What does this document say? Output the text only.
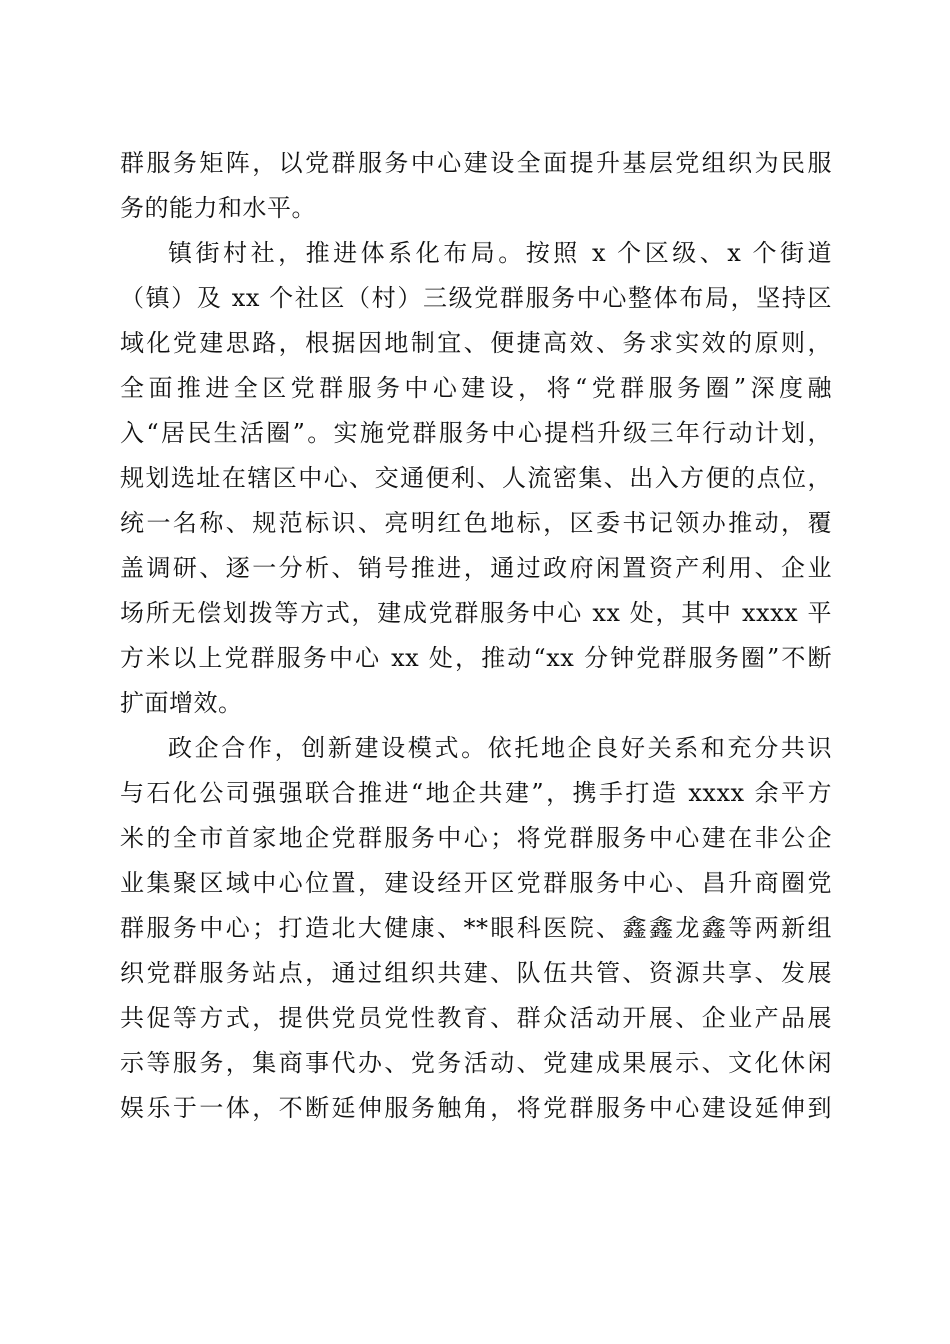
群服务矩阵，以党群服务中心建设全面提升基层党组织为民服
务的能力和水平。
镇街村社，推进体系化布局。按照 x 个区级、x 个街道
（镇）及 xx 个社区（村）三级党群服务中心整体布局，坚持区
域化党建思路，根据因地制宜、便捷高效、务求实效的原则，
全面推进全区党群服务中心建设，将“党群服务圈”深度融
入“居民生活圈”。实施党群服务中心提档升级三年行动计划，
规划选址在辖区中心、交通便利、人流密集、出入方便的点位，
统一名称、规范标识、亮明红色地标，区委书记领办推动，覆
盖调研、逐一分析、销号推进，通过政府闲置资产利用、企业
场所无偿划拨等方式，建成党群服务中心 xx 处，其中 xxxx 平
方米以上党群服务中心 xx 处，推动“xx 分钟党群服务圈”不断
扩面增效。
政企合作，创新建设模式。依托地企良好关系和充分共识
与石化公司强强联合推进“地企共建”，携手打造 xxxx 余平方
米的全市首家地企党群服务中心；将党群服务中心建在非公企
业集聚区域中心位置，建设经开区党群服务中心、昌升商圈党
群服务中心；打造北大健康、**眼科医院、鑫鑫龙鑫等两新组
织党群服务站点，通过组织共建、队伍共管、资源共享、发展
共促等方式，提供党员党性教育、群众活动开展、企业产品展
示等服务，集商事代办、党务活动、党建成果展示、文化休闲
娱乐于一体，不断延伸服务触角，将党群服务中心建设延伸到
